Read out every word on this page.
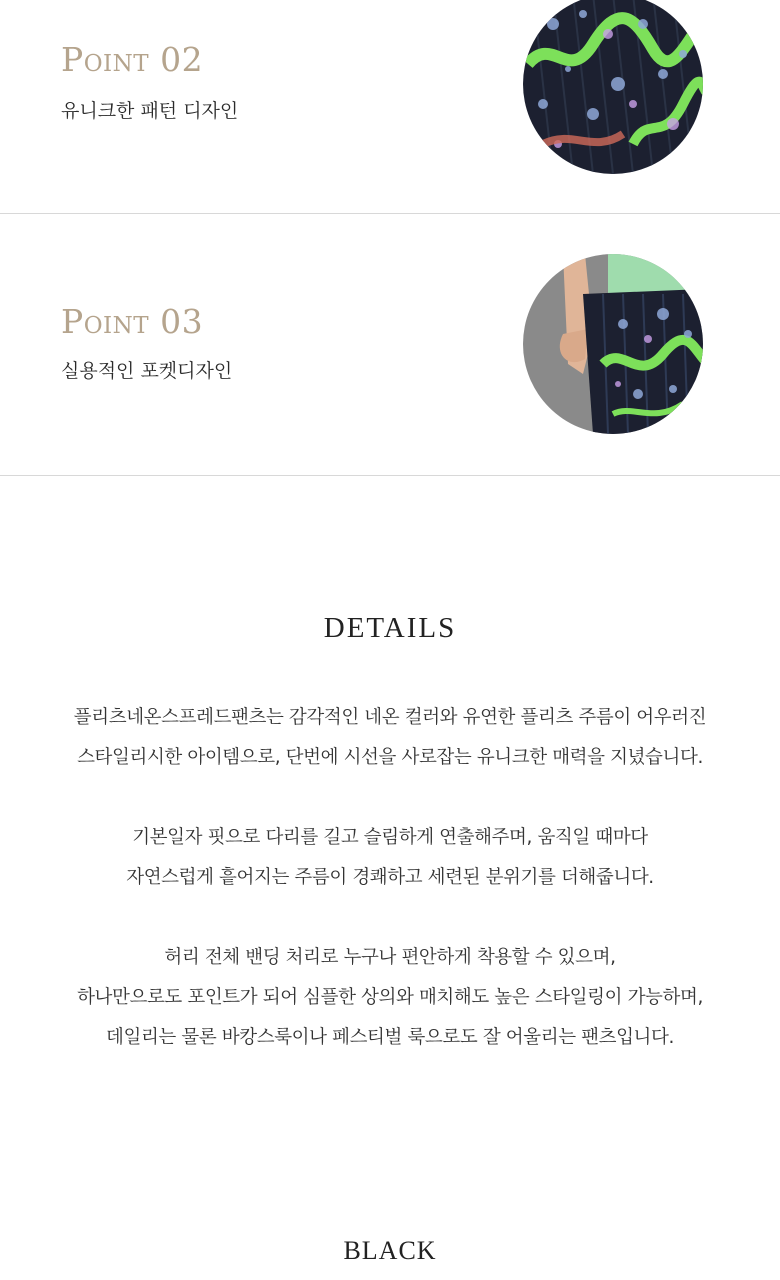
Point 02
유니크한 패턴 디자인
Point 03
실용적인 포켓디자인
DETAILS
플리츠네온스프레드팬츠는 감각적인 네온 컬러와 유연한 플리츠 주름이 어우러진
스타일리시한 아이템으로, 단번에 시선을 사로잡는 유니크한 매력을 지녔습니다.
기본일자 핏으로 다리를 길고 슬림하게 연출해주며, 움직일 때마다
자연스럽게 흩어지는 주름이 경쾌하고 세련된 분위기를 더해줍니다.
허리 전체 밴딩 처리로 누구나 편안하게 착용할 수 있으며,
하나만으로도 포인트가 되어 심플한 상의와 매치해도 높은 스타일링이 가능하며,
데일리는 물론 바캉스룩이나 페스티벌 룩으로도 잘 어울리는 팬츠입니다.
BLACK
